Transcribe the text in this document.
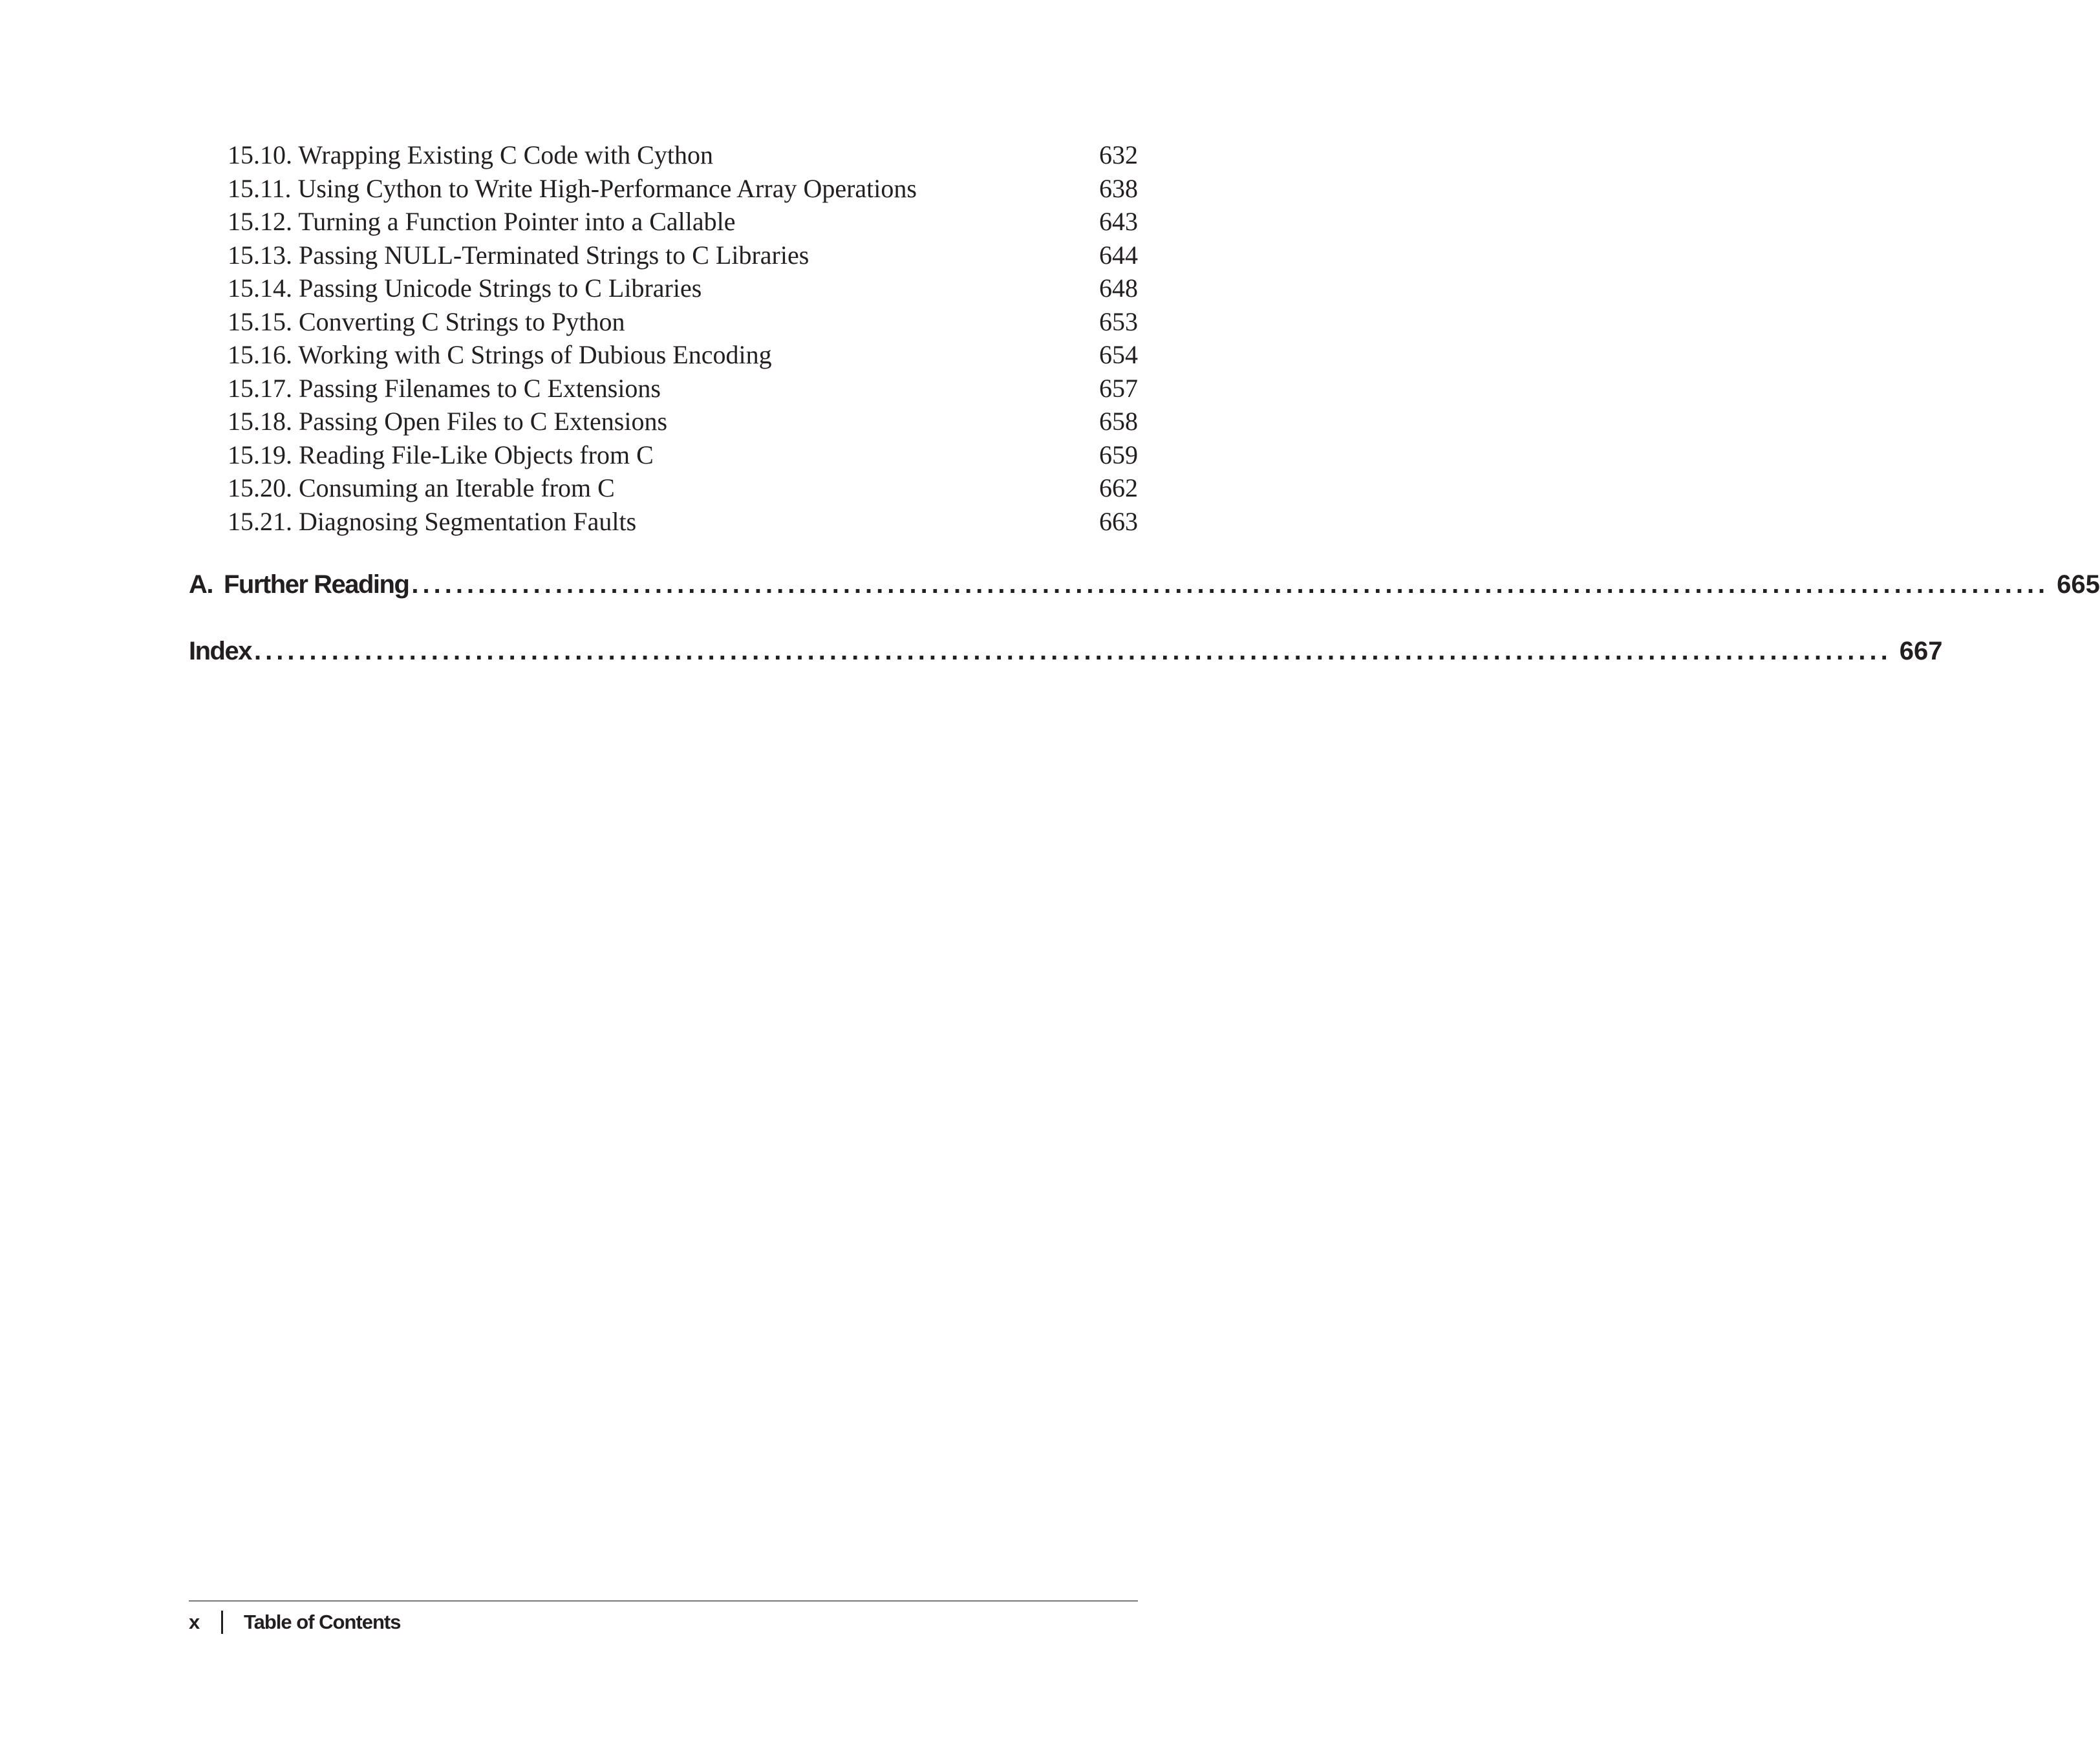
15.10. Wrapping Existing C Code with Cython	632
15.11. Using Cython to Write High-Performance Array Operations	638
15.12. Turning a Function Pointer into a Callable	643
15.13. Passing NULL-Terminated Strings to C Libraries	644
15.14. Passing Unicode Strings to C Libraries	648
15.15. Converting C Strings to Python	653
15.16. Working with C Strings of Dubious Encoding	654
15.17. Passing Filenames to C Extensions	657
15.18. Passing Open Files to C Extensions	658
15.19. Reading File-Like Objects from C	659
15.20. Consuming an Iterable from C	662
15.21. Diagnosing Segmentation Faults	663
A. Further Reading .................................................................................................................................................... 665
Index .................................................................................................................................................... 667
x	Table of Contents
